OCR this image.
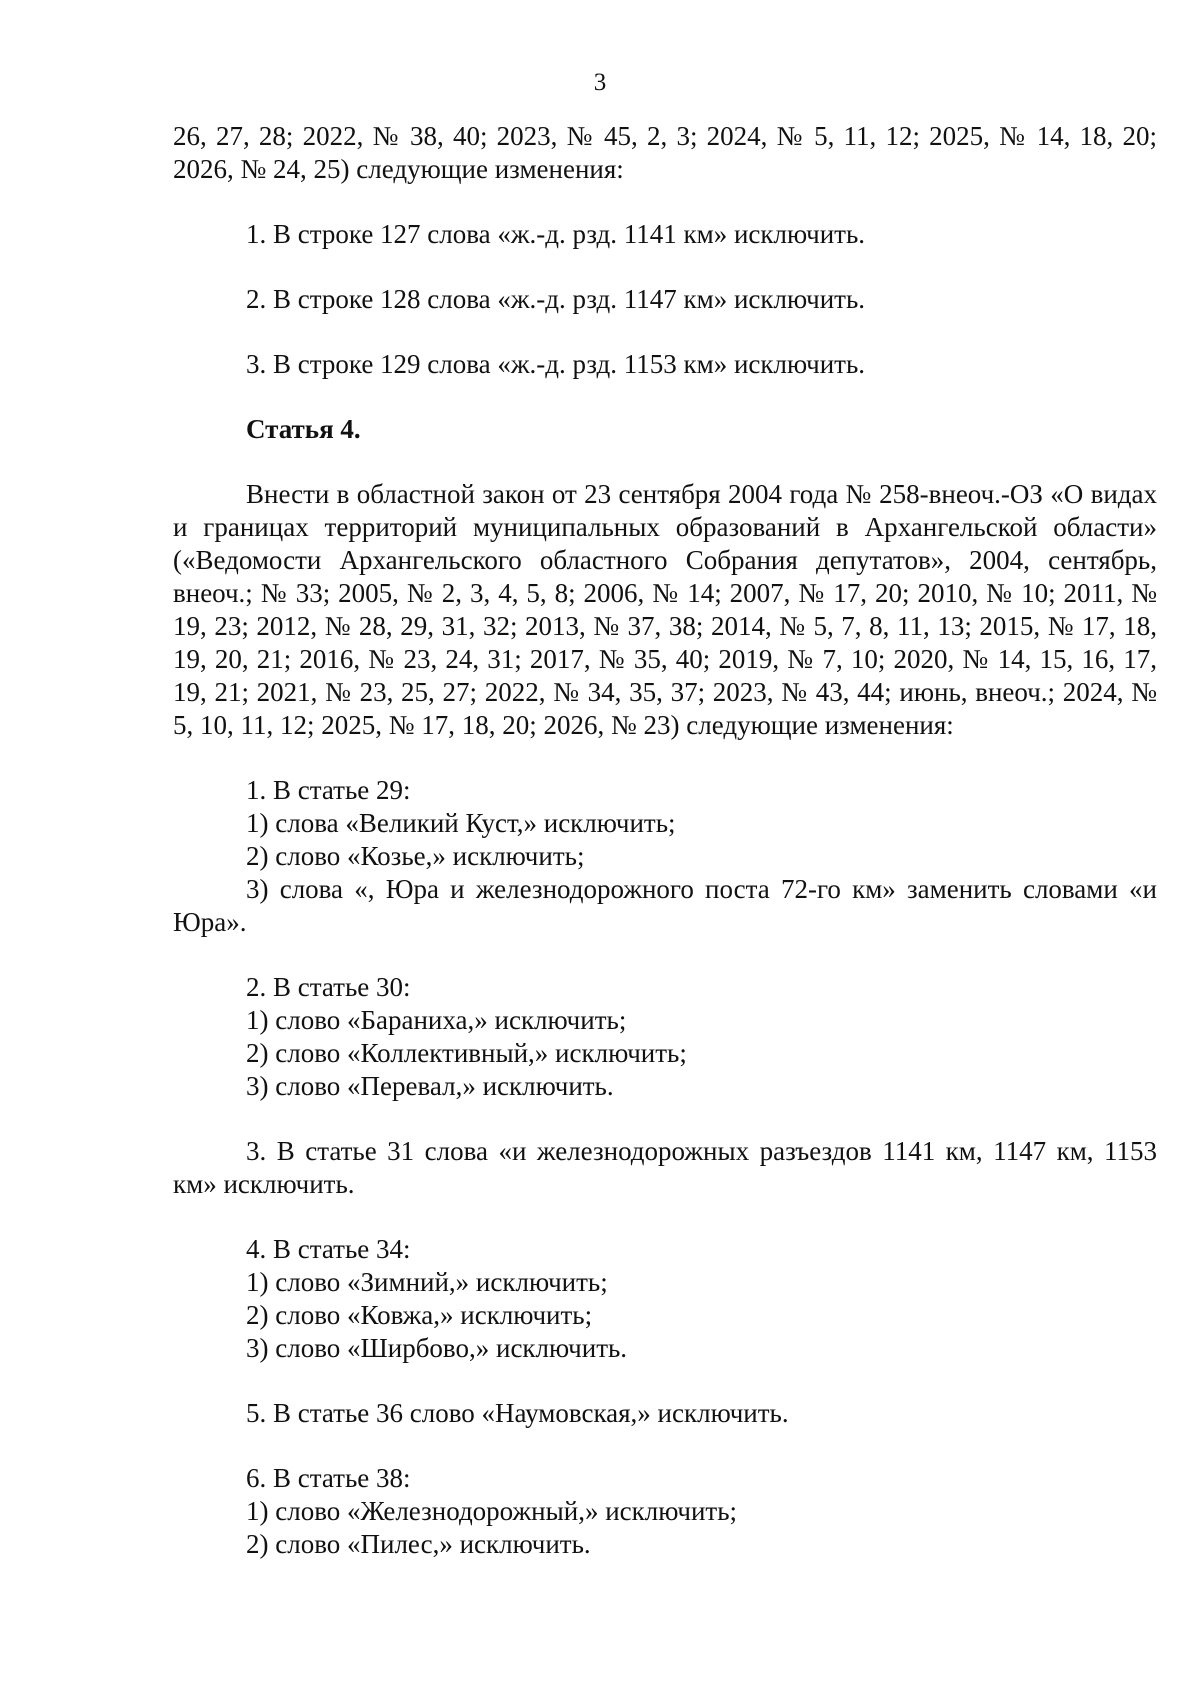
3

26, 27, 28; 2022, № 38, 40; 2023, № 45, 2, 3; 2024, № 5, 11, 12; 2025, № 14, 18, 20; 2026, № 24, 25) следующие изменения:

1. В строке 127 слова «ж.-д. рзд. 1141 км» исключить.

2. В строке 128 слова «ж.-д. рзд. 1147 км» исключить.

3. В строке 129 слова «ж.-д. рзд. 1153 км» исключить.

Статья 4.

Внести в областной закон от 23 сентября 2004 года № 258-внеоч.-ОЗ «О видах и границах территорий муниципальных образований в Архангельской области» («Ведомости Архангельского областного Собрания депутатов», 2004, сентябрь, внеоч.; № 33; 2005, № 2, 3, 4, 5, 8; 2006, № 14; 2007, № 17, 20; 2010, № 10; 2011, № 19, 23; 2012, № 28, 29, 31, 32; 2013, № 37, 38; 2014, № 5, 7, 8, 11, 13; 2015, № 17, 18, 19, 20, 21; 2016, № 23, 24, 31; 2017, № 35, 40; 2019, № 7, 10; 2020, № 14, 15, 16, 17, 19, 21; 2021, № 23, 25, 27; 2022, № 34, 35, 37; 2023, № 43, 44; июнь, внеоч.; 2024, № 5, 10, 11, 12; 2025, № 17, 18, 20; 2026, № 23) следующие изменения:

1. В статье 29:

1) слова «Великий Куст,» исключить;

2) слово «Козье,» исключить;

3) слова «, Юра и железнодорожного поста 72-го км» заменить словами «и Юра».

2. В статье 30:

1) слово «Бараниха,» исключить;

2) слово «Коллективный,» исключить;

3) слово «Перевал,» исключить.

3. В статье 31 слова «и железнодорожных разъездов 1141 км, 1147 км, 1153 км» исключить.

4. В статье 34:

1) слово «Зимний,» исключить;

2) слово «Ковжа,» исключить;

3) слово «Ширбово,» исключить.

5. В статье 36 слово «Наумовская,» исключить.

6. В статье 38:

1) слово «Железнодорожный,» исключить;

2) слово «Пилес,» исключить.
